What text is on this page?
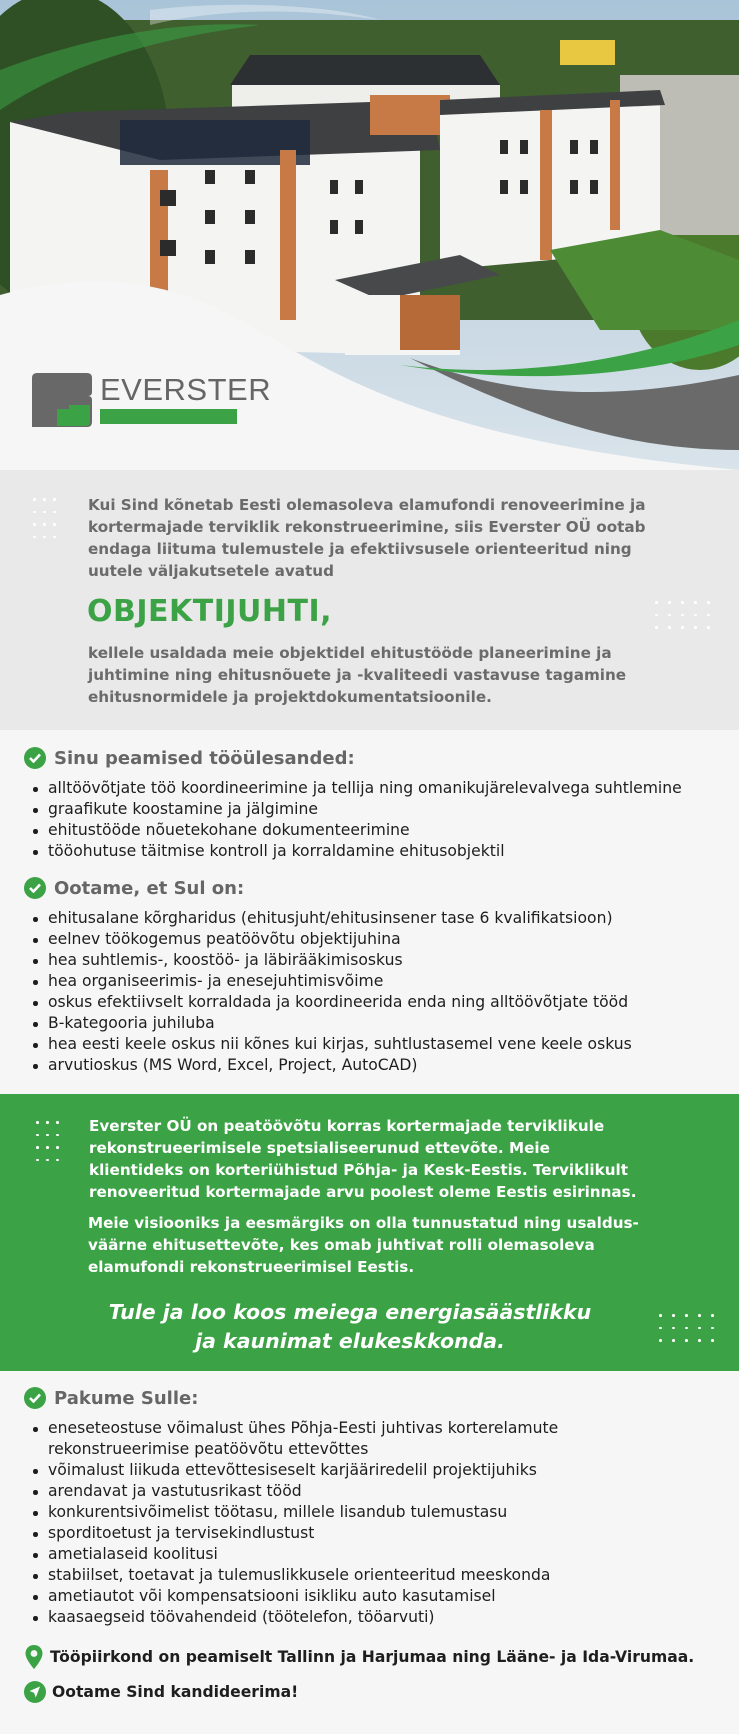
EVERSTER

Kui Sind kõnetab Eesti olemasoleva elamufondi renoveerimine ja kortermajade terviklik rekonstrueerimine, siis Everster OÜ ootab endaga liituma tulemustele ja efektiivsusele orienteeritud ning uutele väljakutsetele avatud

OBJEKTIJUHTI,

kellele usaldada meie objektidel ehitustööde planeerimine ja juhtimine ning ehitusnõuete ja -kvaliteedi vastavuse tagamine ehitusnormidele ja projektdokumentatsioonile.

Sinu peamised tööülesanded:
alltöövõtjate töö koordineerimine ja tellija ning omanikujärelevalvega suhtlemine
graafikute koostamine ja jälgimine
ehitustööde nõuetekohane dokumenteerimine
tööohutuse täitmise kontroll ja korraldamine ehitusobjektil
Ootame, et Sul on:
ehitusalane kõrgharidus (ehitusjuht/ehitusinsener tase 6 kvalifikatsioon)
eelnev töökogemus peatöövõtu objektijuhina
hea suhtlemis-, koostöö- ja läbirääkimisoskus
hea organiseerimis- ja enesejuhtimisvõime
oskus efektiivselt korraldada ja koordineerida enda ning alltöövõtjate tööd
B-kategooria juhiluba
hea eesti keele oskus nii kõnes kui kirjas, suhtlustasemel vene keele oskus
arvutioskus (MS Word, Excel, Project, AutoCAD)

Everster OÜ on peatöövõtu korras kortermajade terviklikule rekonstrueerimisele spetsialiseerunud ettevõte. Meie klientideks on korteriühistud Põhja- ja Kesk-Eestis. Terviklikult renoveeritud kortermajade arvu poolest oleme Eestis esirinnas.

Meie visiooniks ja eesmärgiks on olla tunnustatud ning usaldus-väärne ehitusettevõte, kes omab juhtivat rolli olemasoleva elamufondi rekonstrueerimisel Eestis.

Tule ja loo koos meiega energiasäästlikku
ja kaunimat elukeskkonda.
Pakume Sulle:
eneseteostuse võimalust ühes Põhja-Eesti juhtivas korterelamute rekonstrueerimise peatöövõtu ettevõttes
võimalust liikuda ettevõttesiseselt karjääriredelil projektijuhiks
arendavat ja vastutusrikast tööd
konkurentsivõimelist töötasu, millele lisandub tulemustasu
sporditoetust ja tervisekindlustust
ametialaseid koolitusi
stabiilset, toetavat ja tulemuslikkusele orienteeritud meeskonda
ametiautot või kompensatsiooni isikliku auto kasutamisel
kaasaegseid töövahendeid (töötelefon, tööarvuti)
Tööpiirkond on peamiselt Tallinn ja Harjumaa ning Lääne- ja Ida-Virumaa.
Ootame Sind kandideerima!
